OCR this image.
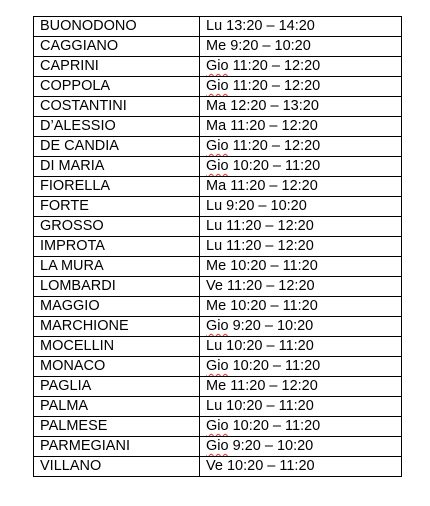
BUONODONO	Lu 13:20 – 14:20
CAGGIANO	Me 9:20 – 10:20
CAPRINI	Gio 11:20 – 12:20
COPPOLA	Gio 11:20 – 12:20
COSTANTINI	Ma 12:20 – 13:20
D’ALESSIO	Ma 11:20 – 12:20
DE CANDIA	Gio 11:20 – 12:20
DI MARIA	Gio 10:20 – 11:20
FIORELLA	Ma 11:20 – 12:20
FORTE	Lu 9:20 – 10:20
GROSSO	Lu 11:20 – 12:20
IMPROTA	Lu 11:20 – 12:20
LA MURA	Me 10:20 – 11:20
LOMBARDI	Ve 11:20 – 12:20
MAGGIO	Me 10:20 – 11:20
MARCHIONE	Gio 9:20 – 10:20
MOCELLIN	Lu 10:20 – 11:20
MONACO	Gio 10:20 – 11:20
PAGLIA	Me 11:20 – 12:20
PALMA	Lu 10:20 – 11:20
PALMESE	Gio 10:20 – 11:20
PARMEGIANI	Gio 9:20 – 10:20
VILLANO	Ve 10:20 – 11:20
